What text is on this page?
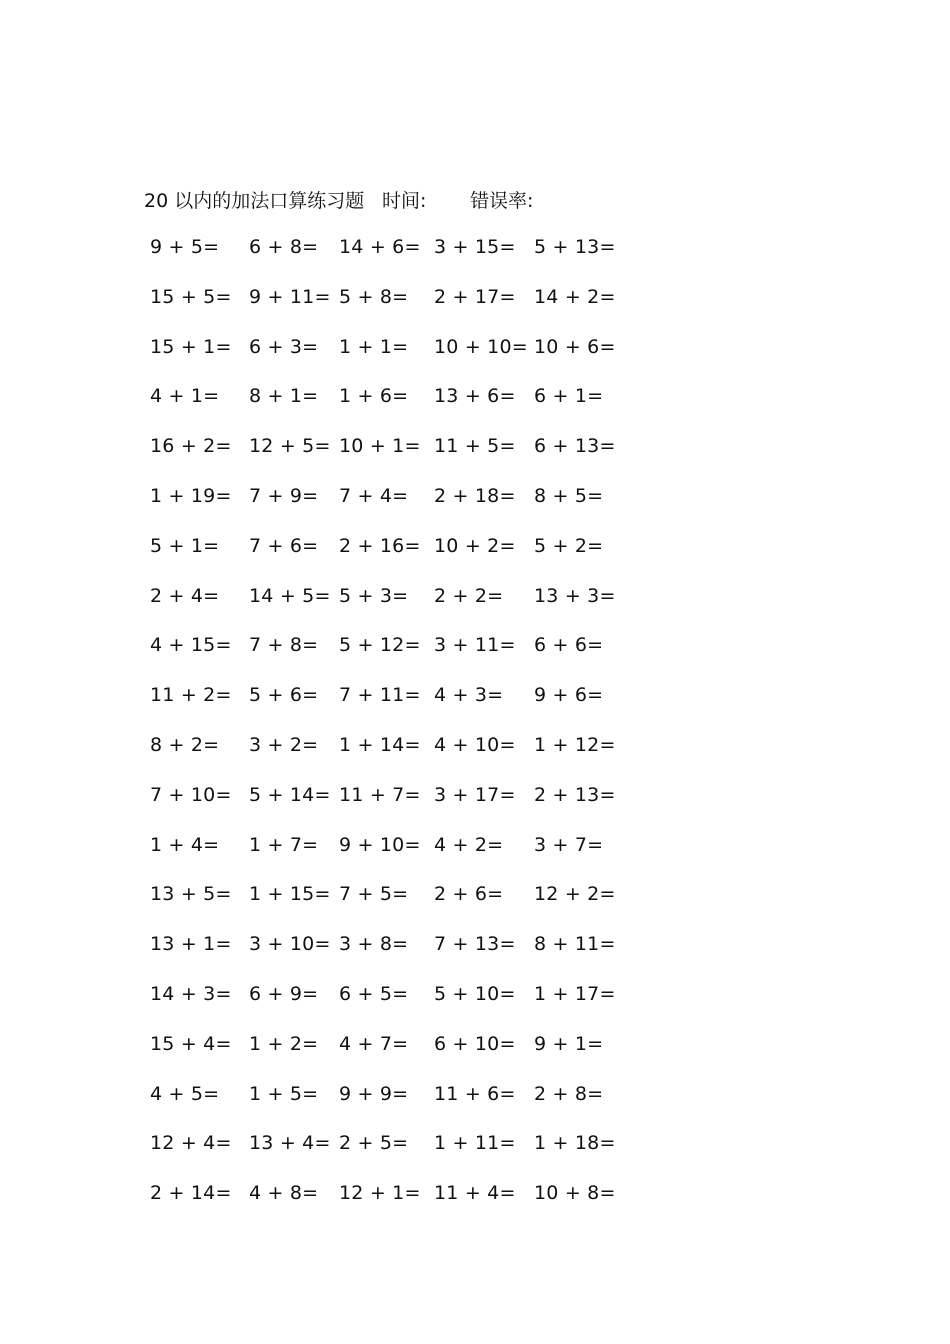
20 以内的加法口算练习题 时间: 错误率:
9 + 5= 6 + 8= 14 + 6= 3 + 15= 5 + 13=
15 + 5= 9 + 11= 5 + 8= 2 + 17= 14 + 2=
15 + 1= 6 + 3= 1 + 1= 10 + 10= 10 + 6=
4 + 1= 8 + 1= 1 + 6= 13 + 6= 6 + 1=
16 + 2= 12 + 5= 10 + 1= 11 + 5= 6 + 13=
1 + 19= 7 + 9= 7 + 4= 2 + 18= 8 + 5=
5 + 1= 7 + 6= 2 + 16= 10 + 2= 5 + 2=
2 + 4= 14 + 5= 5 + 3= 2 + 2= 13 + 3=
4 + 15= 7 + 8= 5 + 12= 3 + 11= 6 + 6=
11 + 2= 5 + 6= 7 + 11= 4 + 3= 9 + 6=
8 + 2= 3 + 2= 1 + 14= 4 + 10= 1 + 12=
7 + 10= 5 + 14= 11 + 7= 3 + 17= 2 + 13=
1 + 4= 1 + 7= 9 + 10= 4 + 2= 3 + 7=
13 + 5= 1 + 15= 7 + 5= 2 + 6= 12 + 2=
13 + 1= 3 + 10= 3 + 8= 7 + 13= 8 + 11=
14 + 3= 6 + 9= 6 + 5= 5 + 10= 1 + 17=
15 + 4= 1 + 2= 4 + 7= 6 + 10= 9 + 1=
4 + 5= 1 + 5= 9 + 9= 11 + 6= 2 + 8=
12 + 4= 13 + 4= 2 + 5= 1 + 11= 1 + 18=
2 + 14= 4 + 8= 12 + 1= 11 + 4= 10 + 8=
